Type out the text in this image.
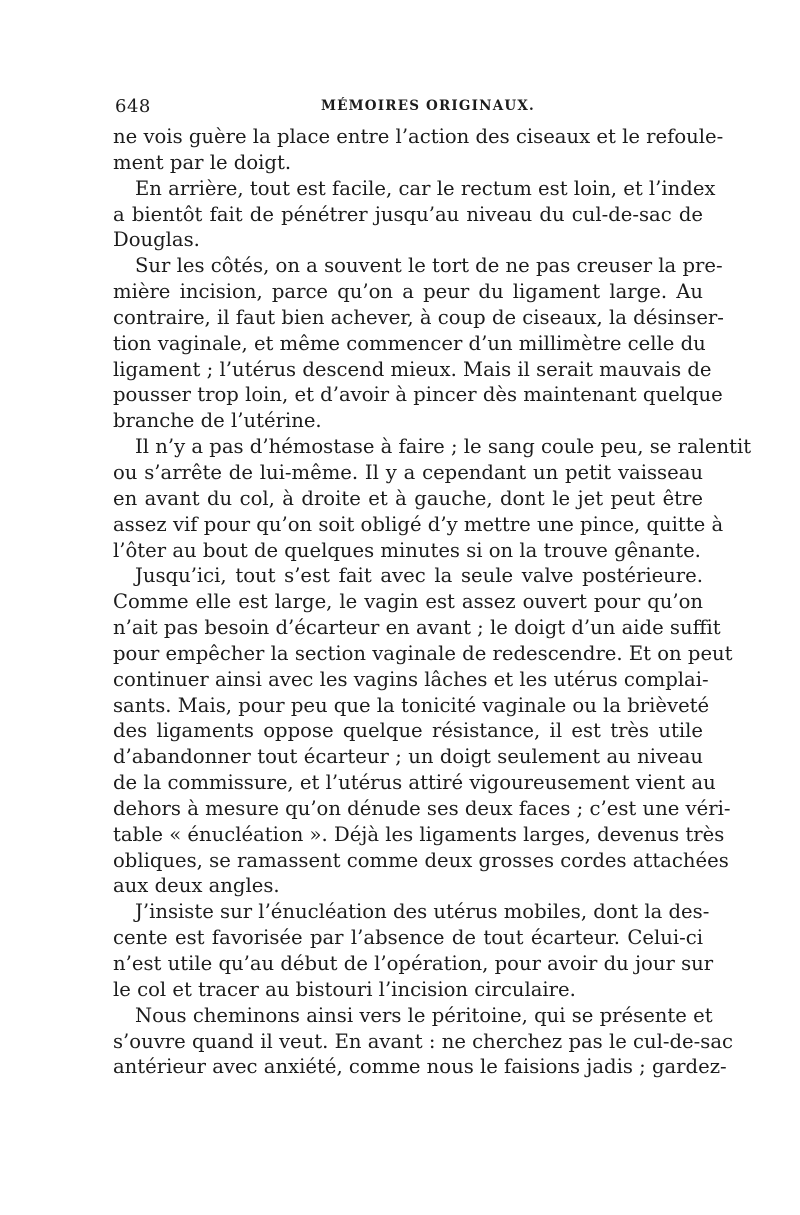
648	MÉMOIRES ORIGINAUX.
ne vois guère la place entre l’action des ciseaux et le refoule-
ment par le doigt.
En arrière, tout est facile, car le rectum est loin, et l’index
a bientôt fait de pénétrer jusqu’au niveau du cul-de-sac de
Douglas.
Sur les côtés, on a souvent le tort de ne pas creuser la pre-
mière incision, parce qu’on a peur du ligament large. Au
contraire, il faut bien achever, à coup de ciseaux, la désinser-
tion vaginale, et même commencer d’un millimètre celle du
ligament ; l’utérus descend mieux. Mais il serait mauvais de
pousser trop loin, et d’avoir à pincer dès maintenant quelque
branche de l’utérine.
Il n’y a pas d’hémostase à faire ; le sang coule peu, se ralentit
ou s’arrête de lui-même. Il y a cependant un petit vaisseau
en avant du col, à droite et à gauche, dont le jet peut être
assez vif pour qu’on soit obligé d’y mettre une pince, quitte à
l’ôter au bout de quelques minutes si on la trouve gênante.
Jusqu’ici, tout s’est fait avec la seule valve postérieure.
Comme elle est large, le vagin est assez ouvert pour qu’on
n’ait pas besoin d’écarteur en avant ; le doigt d’un aide suffit
pour empêcher la section vaginale de redescendre. Et on peut
continuer ainsi avec les vagins lâches et les utérus complai-
sants. Mais, pour peu que la tonicité vaginale ou la brièveté
des ligaments oppose quelque résistance, il est très utile
d’abandonner tout écarteur ; un doigt seulement au niveau
de la commissure, et l’utérus attiré vigoureusement vient au
dehors à mesure qu’on dénude ses deux faces ; c’est une véri-
table « énucléation ». Déjà les ligaments larges, devenus très
obliques, se ramassent comme deux grosses cordes attachées
aux deux angles.
J’insiste sur l’énucléation des utérus mobiles, dont la des-
cente est favorisée par l’absence de tout écarteur. Celui-ci
n’est utile qu’au début de l’opération, pour avoir du jour sur
le col et tracer au bistouri l’incision circulaire.
Nous cheminons ainsi vers le péritoine, qui se présente et
s’ouvre quand il veut. En avant : ne cherchez pas le cul-de-sac
antérieur avec anxiété, comme nous le faisions jadis ; gardez-
